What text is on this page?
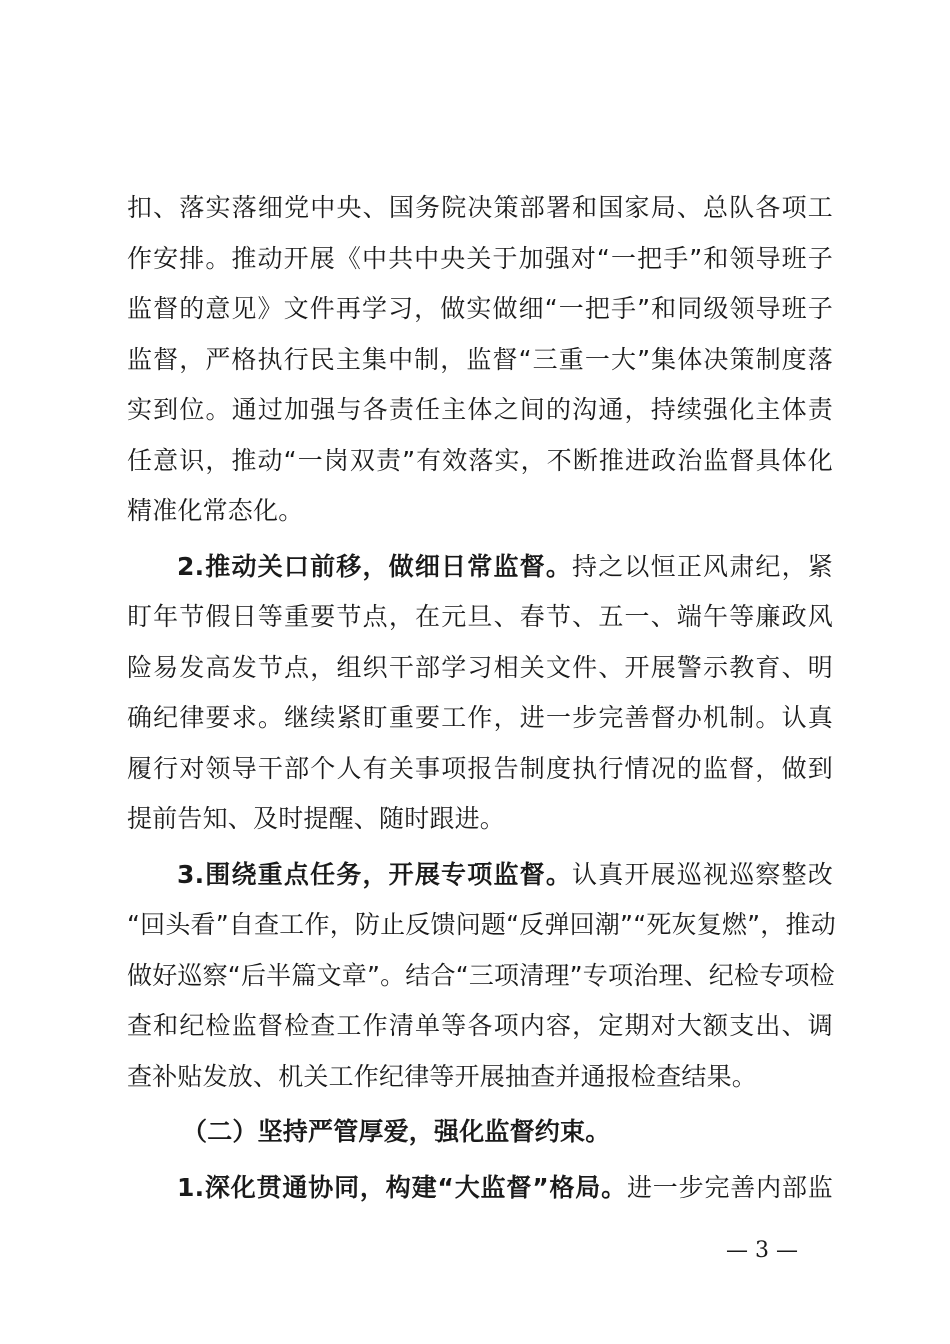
扣、落实落细党中央、国务院决策部署和国家局、总队各项工
作安排。推动开展《中共中央关于加强对“一把手”和领导班子
监督的意见》文件再学习，做实做细“一把手”和同级领导班子
监督，严格执行民主集中制，监督“三重一大”集体决策制度落
实到位。通过加强与各责任主体之间的沟通，持续强化主体责
任意识，推动“一岗双责”有效落实，不断推进政治监督具体化
精准化常态化。
2.推动关口前移，做细日常监督。持之以恒正风肃纪，紧
盯年节假日等重要节点，在元旦、春节、五一、端午等廉政风
险易发高发节点，组织干部学习相关文件、开展警示教育、明
确纪律要求。继续紧盯重要工作，进一步完善督办机制。认真
履行对领导干部个人有关事项报告制度执行情况的监督，做到
提前告知、及时提醒、随时跟进。
3.围绕重点任务，开展专项监督。认真开展巡视巡察整改
“回头看”自查工作，防止反馈问题“反弹回潮”“死灰复燃”，推动
做好巡察“后半篇文章”。结合“三项清理”专项治理、纪检专项检
查和纪检监督检查工作清单等各项内容，定期对大额支出、调
查补贴发放、机关工作纪律等开展抽查并通报检查结果。
（二）坚持严管厚爱，强化监督约束。
1.深化贯通协同，构建“大监督”格局。进一步完善内部监
— 3 —
